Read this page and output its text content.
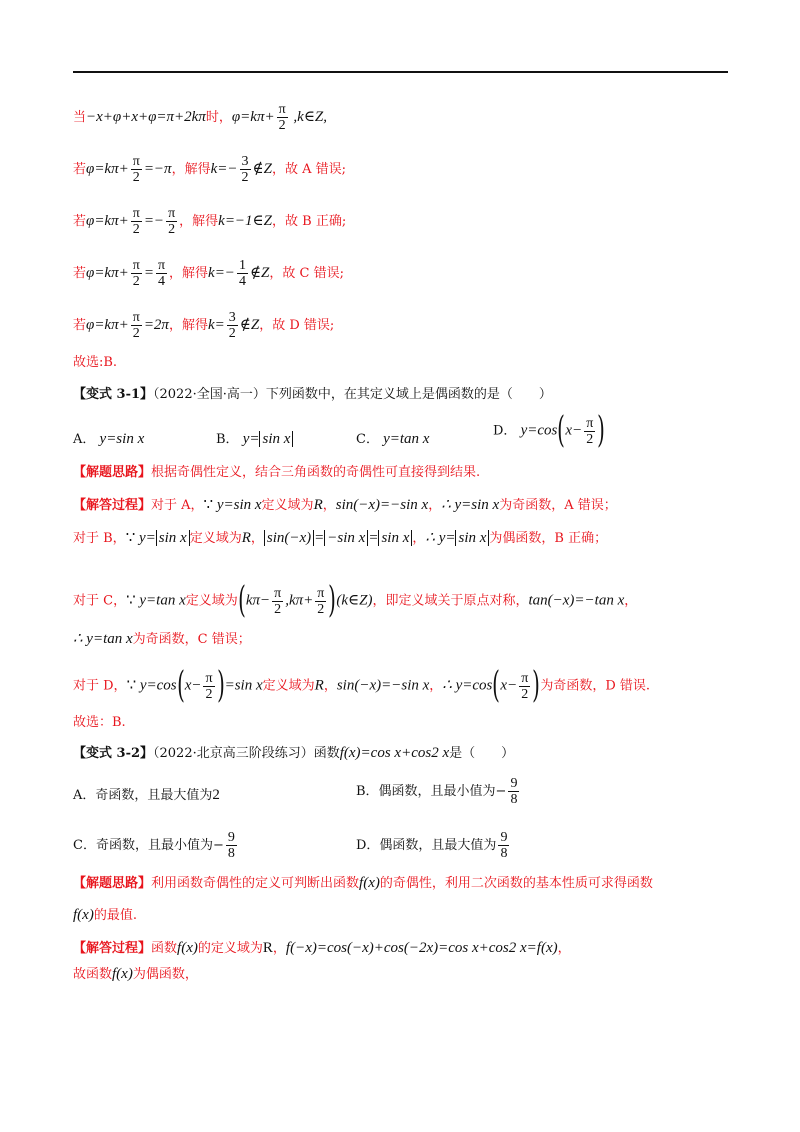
当−x+φ+x+φ=π+2kπ时，$\varphi=k\pi+ \frac{\pi}{2}$ ,k∈Z,
若$\varphi=k\pi+ \frac{\pi}{2} =-\pi$，解得$k=- \frac{3}{2}$ ∉Z，故 A 错误;
若$\varphi=k\pi+ \frac{\pi}{2} =- \frac{\pi}{2}$ ，解得k=−1∈Z，故 B 正确;
若$\varphi=k\pi+ \frac{\pi}{2} = \frac{\pi}{4}$ ，解得$k=- \frac{1}{4}$ ∉Z，故 C 错误;
若$\varphi=k\pi+ \frac{\pi}{2} =2\pi$，解得$k= \frac{3}{2}$ ∉Z，故 D 错误;
故选:B.
【变式 3-1】（2022·全国·高一）下列函数中，在其定义域上是偶函数的是（　　）
A． y=sin x	B． y= sin x	C． y=tan x	D． $y=\cos(x- \frac{\pi}{2}$ )
【解题思路】根据奇偶性定义，结合三角函数的奇偶性可直接得到结果.
【解答过程】对于 A，∵ y=sin x定义域为R，sin(−x)=−sin x，∴ y=sin x为奇函数，A 错误；
对于 B，∵ y= sin x 定义域为R， sin(−x) = −sin x = sin x ，∴ y= sin x 为偶函数，B 正确；
对于 C，∵ y=tan x定义域为($k\pi- \frac{\pi}{2} ,k\pi+ \frac{\pi}{2}$ )(k∈Z)，即定义域关于原点对称，tan(−x)=−tan x，
∴ y=tan x为奇函数，C 错误；
对于 D，∵ $y=\cos(x- \frac{\pi}{2} )=\sin$ x定义域为R，sin(−x)=−sin x，∴ $y=\cos(x- \frac{\pi}{2}$ )为奇函数，D 错误.
故选：B.
【变式 3-2】（2022·北京高三阶段练习）函数f(x)=cos x+cos2 x是（　　）
A．奇函数，且最大值为2	B．偶函数，且最小值为− $\frac{9}{8}$
C．奇函数，且最小值为− $\frac{9}{8}$	D．偶函数，且最大值为 $\frac{9}{8}$
【解题思路】利用函数奇偶性的定义可判断出函数f(x)的奇偶性，利用二次函数的基本性质可求得函数
f(x)的最值.
【解答过程】函数f(x)的定义域为R，f(−x)=cos(−x)+cos(−2x)=cos x+cos2 x=f(x)，
故函数f(x)为偶函数，
